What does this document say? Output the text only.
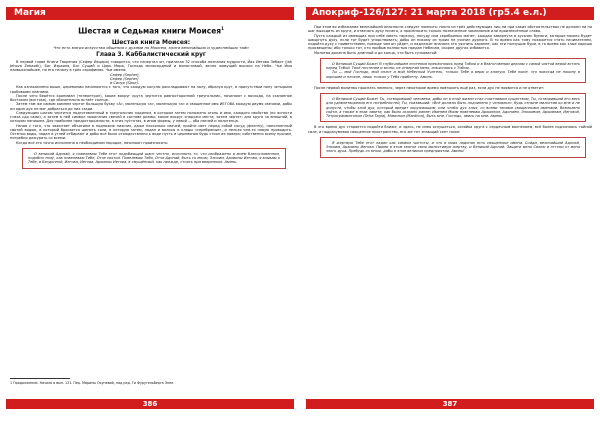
Магия

Шестая и Седьмая книги Моисея$^1$

Шестая книга Моисея:

Что есть магия искусства общения с духами по Моисею, книга величайших и чудеснейших тайн

Глава 3. Каббалистический круг

В первой главе Книги Творения (Сефер Йецира) говорится, что начертал он, прилагая 32 способа познания мудрости, Йах Иегова Зебаот (Jah Jehova Zebaoth), Бог Израиля, Бог Сущий и Царь Мира, Господь милосердный и милостивый, вечно живущий высоко на Небе. Чье Имя наивысочайшее, по его началу в трёх серафимах. Чьи имена:

Сефер (Sepher),

Сефер (Sepher)

и Сипур (Sipur).

Как ознакомлено выше, церемонии начинаются с того, что каждую косулю раскладывают на полу, образуя круг, в присутствии полу четырьмя гробовыми планами.

После чего берётся кронмиан (телеоптрон), какие вокруг круга чертится равносторонний треугольник, начинают с восхода, на сказанное Востоком (востоке), где обязательно встаёт солнце.

Затем там же самым камнем чертят большую букву «А», маленькую «а», маленькую «а» и священное имя ИЕГОВА каждую двумя свечами, дабы ни один дух не мог добраться до них сзади.

Следующим шагом чертится подготовленный в треугольник кадилом, в котором затем положено огонь и имя, каждого свойства (по ясности стиха сдо сами), а затем в ней символ зажигания свечей в составе ризмы; какие вокруг снаружи места; затем чертят: для круга за внешний, в котором напишем. Для наиболее предосторожности, в этих пустотах, в ином формы, у левой — оба свечей и полотенца.

Начав с того, что зажигает объятием в подножие нижних, даже несколько свечей, пройти свет перед собой сосуд (фленну), наполненный святой водою, в который бросается щепоть соли, в которую затем, ладан и волосы и клады «серебряные», и нельзя чем-то новую проводить. Остатки воды, ладан и углей отбирают и дабы все было отождествлено к воде пусть и церемония будь стоял их поверх; собственно всему прочим, потребно дежурить со всеми.

Когда всё это точно исполнено в необходимом порядке, начинают произносить:

О великий Адонай, я повелеваю Тебе этот подобающий шанс честно, исполнить то, что изображено в моём благословенном, подобно тому, как повелеваю Тебе, Отче святой. Повелеваю Тебя, Отче Адонай, быть со мною, Элохим, Архиилы Иегова, я взываю к Тебе, в Бездонной, Иегова, Иегова, Архиилы Иегова, в смущённый, как прежде, стоять при вверенных. Аминь.

1 Продолжение. Начало в вып. 131. Пер. Марины Окуневой, под ред. Ги Фуругельберга Элен.
386
Апокриф-126/127: 21 марта 2018 (гр5.4 е.л.)

При этом во избежание величайшей опасности следует помнить: никто из трёх действующих лиц ни при каких обстоятельствах не должен ни на шаг выходить из круга, и отвечать духу ничего, а произносить только назначенное заклинание или произнесённые слова.

Пусть каждый из имеющих при себе иметь тарелку, посуду или серебряных монет, каждая завернута в кусочек бумаги, которые можно будет швырнуть духу, если тот будет упорствовать; дабы он никому из троих не учинил дурного. В то время как тому покажется стать начинателем, подойти духу с приветствием, прежде чем он уйдет, и надлежит вначале это уяснить заранее, как эти ползущие бури, в то время как злые хорошо просвещены; ибо только тот, кто прибыв полностью предан Небесам, скорее других избавится.

Молитва должна быть длинной и до конца, что быть сучковатой:

О Великий Сущий Боже! В глубочайшем почтении преклоняюсь пред Тобою и в благоговении дерзаю с самой чистой верой встать перед Тобой. Твоё почтение и молю: не отвергай меня, изъясняясь с Тобою.

Ты — мой Господь, мой оплот и мой Небесный Учитель, только Тебе я верю и клянусь Тебе ныне, что никогда не покину в хорошее и плохое, лишь только у Тебя прибегну. Аминь.

После первой молитвы проспать немного, через некоторое время повторять ещё раз, если дух не появится и не ответит:

О Великий Сущий Боже! Ты, сотворивший человека, дабы он в этой жизни стал счастливым существом, Ты, сотворивший его весь для удовлетворения его потребностей, Ты, сказавший: «Всё должно быть подчинено у человека», будь отныне милостив ко мне и не допусти, чтобы злой дух, который вредит окружающим, или чтобы дух злых, со всеми твоими священными именами, безмолвно сойти, а также в знак завета, как было сказано ранее: Именем Моим повелеваю Архиилом, Адонаем, Элохимом, Архиилам, Иеговой, Тетраграмматоном (Tetra Tagia), Мамоном (Manthon), быть мне, Господь, явись на мне. Аминь.

В это время дух старается подойти ближе, и здесь, не смея ослушаться, хозяйка круга с сердечным волнением, всё более подчиняясь тайной силе, и подразумевая священное пространство, его же тот знающий сеет ниже:

Я жертвую Тебе этот ладан как символ чистоты, и что в моих ладонях есть священные имена. Сойди, величайший Адонай, Элохим, Архиилы Иегова. Прими в этом святое свою милостивую жертву, и Великий Адонай. Защити меня Своею и отгони от меня злого духа. Пребудь со мною, дабы в этом великом предприятии. Аминь!

387
